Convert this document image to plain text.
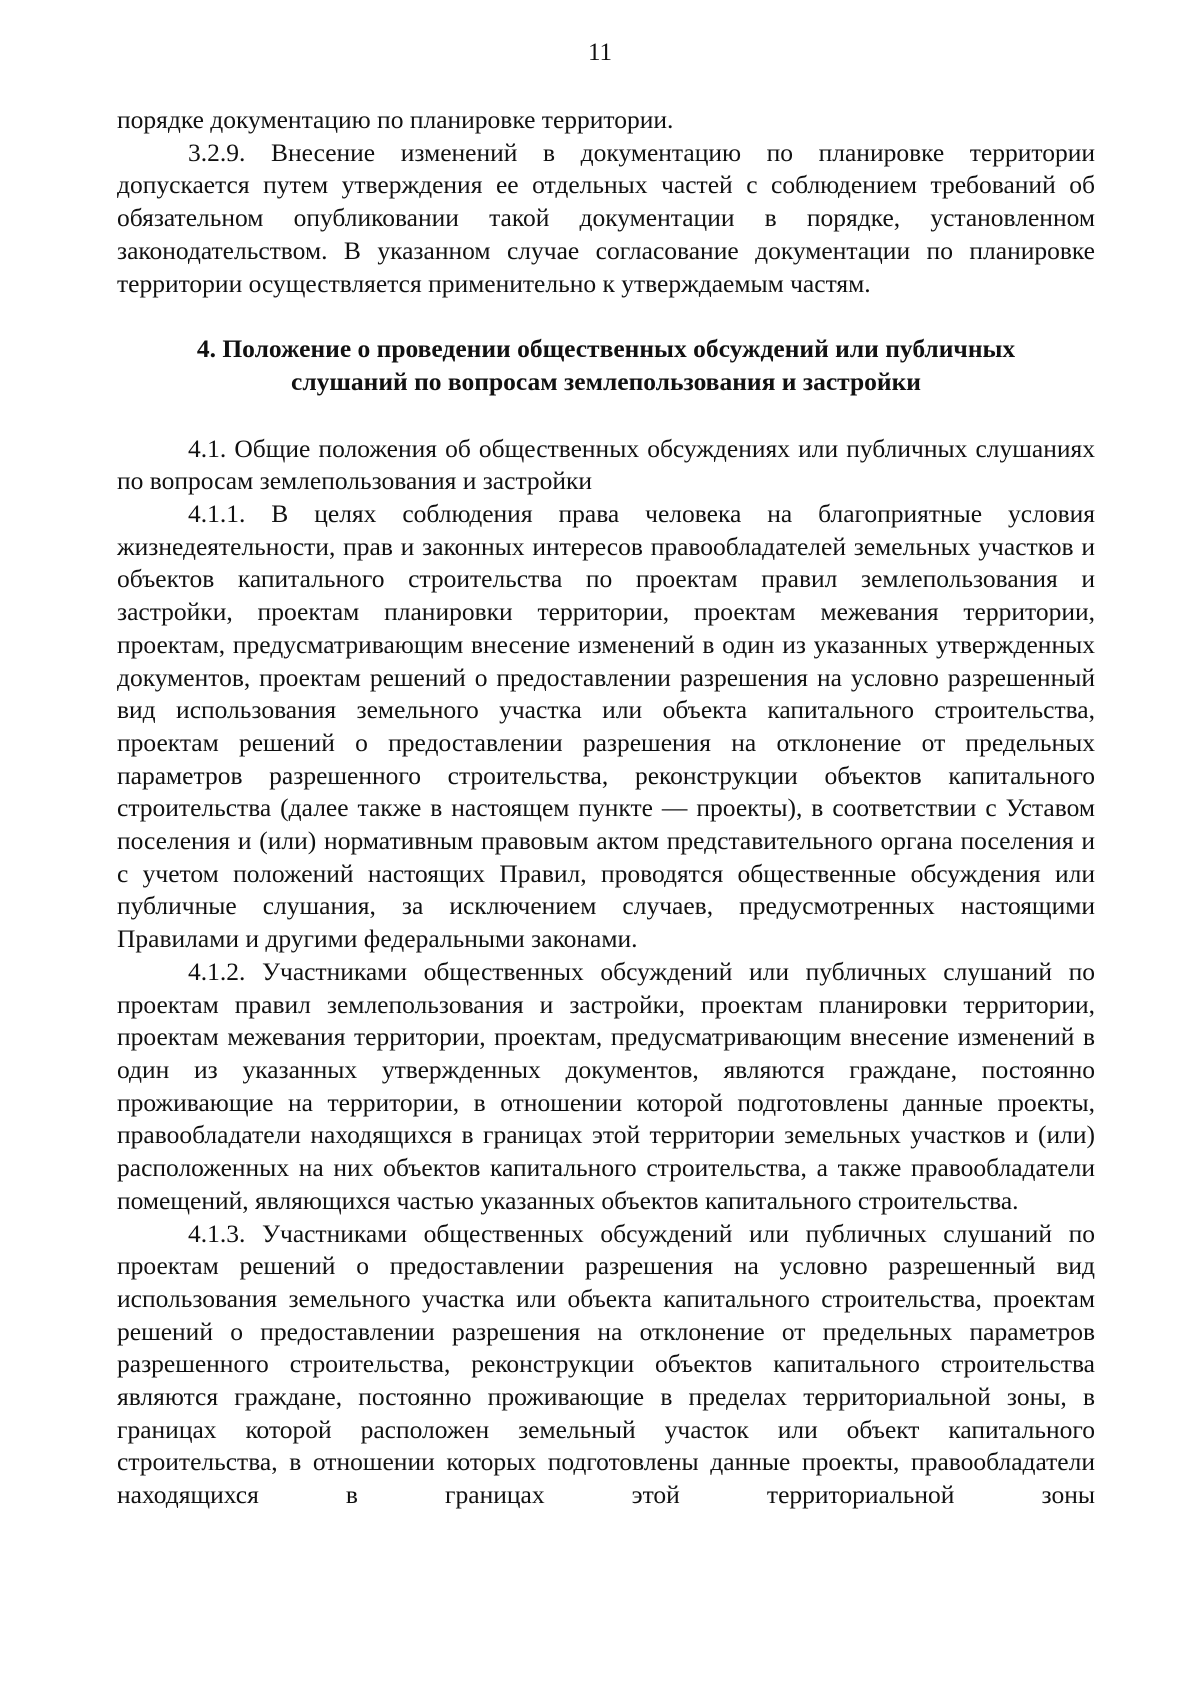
11

порядке документацию по планировке территории.

3.2.9. Внесение изменений в документацию по планировке территории допускается путем утверждения ее отдельных частей с соблюдением требований об обязательном опубликовании такой документации в порядке, установленном законодательством. В указанном случае согласование документации по планировке территории осуществляется применительно к утверждаемым частям.

4. Положение о проведении общественных обсуждений или публичных
слушаний по вопросам землепользования и застройки

4.1. Общие положения об общественных обсуждениях или публичных слушаниях по вопросам землепользования и застройки

4.1.1. В целях соблюдения права человека на благоприятные условия жизнедеятельности, прав и законных интересов правообладателей земельных участков и объектов капитального строительства по проектам правил землепользования и застройки, проектам планировки территории, проектам межевания территории, проектам, предусматривающим внесение изменений в один из указанных утвержденных документов, проектам решений о предоставлении разрешения на условно разрешенный вид использования земельного участка или объекта капитального строительства, проектам решений о предоставлении разрешения на отклонение от предельных параметров разрешенного строительства, реконструкции объектов капитального строительства (далее также в настоящем пункте — проекты), в соответствии с Уставом поселения и (или) нормативным правовым актом представительного органа поселения и с учетом положений настоящих Правил, проводятся общественные обсуждения или публичные слушания, за исключением случаев, предусмотренных настоящими Правилами и другими федеральными законами.

4.1.2. Участниками общественных обсуждений или публичных слушаний по проектам правил землепользования и застройки, проектам планировки территории, проектам межевания территории, проектам, предусматривающим внесение изменений в один из указанных утвержденных документов, являются граждане, постоянно проживающие на территории, в отношении которой подготовлены данные проекты, правообладатели находящихся в границах этой территории земельных участков и (или) расположенных на них объектов капитального строительства, а также правообладатели помещений, являющихся частью указанных объектов капитального строительства.

4.1.3. Участниками общественных обсуждений или публичных слушаний по проектам решений о предоставлении разрешения на условно разрешенный вид использования земельного участка или объекта капитального строительства, проектам решений о предоставлении разрешения на отклонение от предельных параметров разрешенного строительства, реконструкции объектов капитального строительства являются граждане, постоянно проживающие в пределах территориальной зоны, в границах которой расположен земельный участок или объект капитального строительства, в отношении которых подготовлены данные проекты, правообладатели находящихся в границах этой территориальной зоны
